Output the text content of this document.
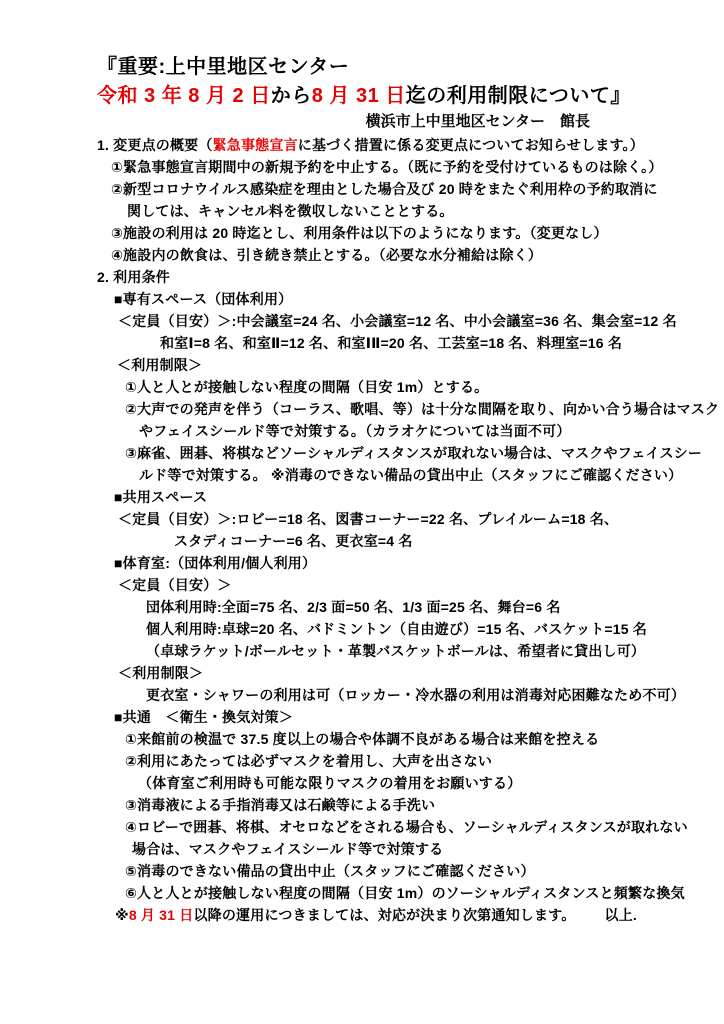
『重要:上中里地区センター
令和 3 年 8 月 2 日から8 月 31 日迄の利用制限について』
横浜市上中里地区センター　館長
1. 変更点の概要（緊急事態宣言に基づく措置に係る変更点についてお知らせします。）
①緊急事態宣言期間中の新規予約を中止する。（既に予約を受付けているものは除く。）
②新型コロナウイルス感染症を理由とした場合及び 20 時をまたぐ利用枠の予約取消に
関しては、キャンセル料を徴収しないこととする。
③施設の利用は 20 時迄とし、利用条件は以下のようになります。（変更なし）
④施設内の飲食は、引き続き禁止とする。（必要な水分補給は除く）
2. 利用条件
■専有スペース（団体利用）
＜定員（目安）＞:中会議室=24 名、小会議室=12 名、中小会議室=36 名、集会室=12 名
和室Ⅰ=8 名、和室Ⅱ=12 名、和室ⅠⅡ=20 名、工芸室=18 名、料理室=16 名
＜利用制限＞
①人と人とが接触しない程度の間隔（目安 1m）とする。
②大声での発声を伴う（コーラス、歌唱、等）は十分な間隔を取り、向かい合う場合はマスク
やフェイスシールド等で対策する。（カラオケについては当面不可）
③麻雀、囲碁、将棋などソーシャルディスタンスが取れない場合は、マスクやフェイスシー
ルド等で対策する。 ※消毒のできない備品の貸出中止（スタッフにご確認ください）
■共用スペース
＜定員（目安）＞:ロビー=18 名、図書コーナー=22 名、プレイルーム=18 名、
スタディコーナー=6 名、更衣室=4 名
■体育室:（団体利用/個人利用）
＜定員（目安）＞
団体利用時:全面=75 名、2/3 面=50 名、1/3 面=25 名、舞台=6 名
個人利用時:卓球=20 名、バドミントン（自由遊び）=15 名、バスケット=15 名
（卓球ラケット/ボールセット・革製バスケットボールは、希望者に貸出し可）
＜利用制限＞
更衣室・シャワーの利用は可（ロッカー・冷水器の利用は消毒対応困難なため不可）
■共通　＜衛生・換気対策＞
①来館前の検温で 37.5 度以上の場合や体調不良がある場合は来館を控える
②利用にあたっては必ずマスクを着用し、大声を出さない
（体育室ご利用時も可能な限りマスクの着用をお願いする）
③消毒液による手指消毒又は石鹸等による手洗い
④ロビーで囲碁、将棋、オセロなどをされる場合も、ソーシャルディスタンスが取れない
場合は、マスクやフェイスシールド等で対策する
⑤消毒のできない備品の貸出中止（スタッフにご確認ください）
⑥人と人とが接触しない程度の間隔（目安 1m）のソーシャルディスタンスと頻繁な換気
※8 月 31 日以降の運用につきましては、対応が決まり次第通知します。 以上.
